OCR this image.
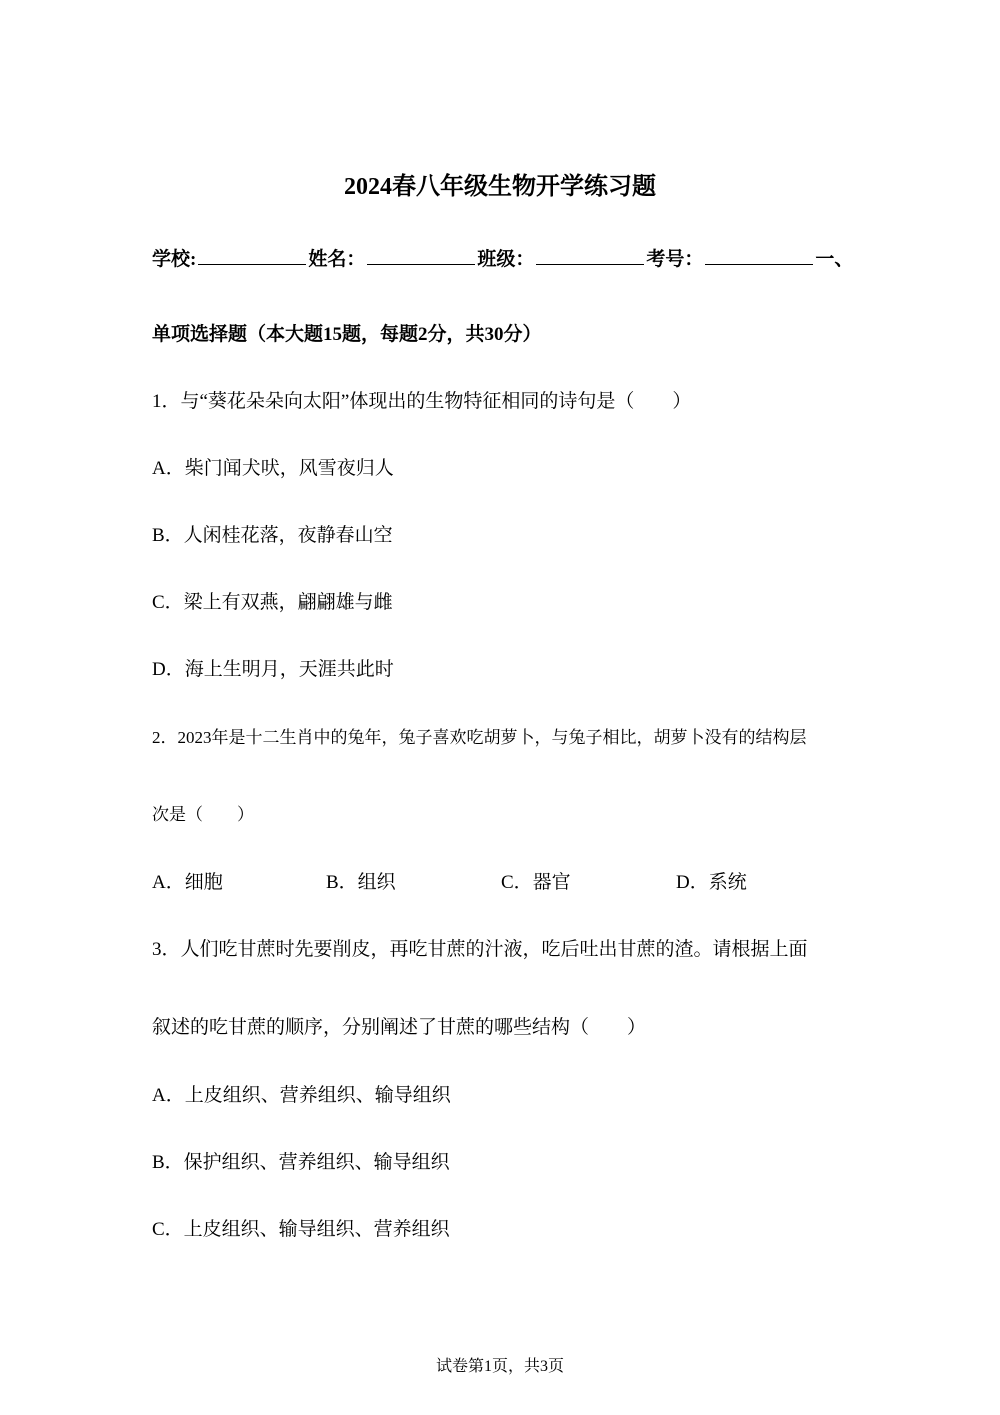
2024春八年级生物开学练习题
学校:	姓名：	班级：	考号：	一、
单项选择题（本大题15题，每题2分，共30分）
1．与“葵花朵朵向太阳”体现出的生物特征相同的诗句是（　　）
A．柴门闻犬吠，风雪夜归人
B．人闲桂花落，夜静春山空
C．梁上有双燕，翩翩雄与雌
D．海上生明月，天涯共此时
2．2023年是十二生肖中的兔年，兔子喜欢吃胡萝卜，与兔子相比，胡萝卜没有的结构层
次是（　　）
A．细胞	B．组织	C．器官	D．系统
3．人们吃甘蔗时先要削皮，再吃甘蔗的汁液，吃后吐出甘蔗的渣。请根据上面
叙述的吃甘蔗的顺序，分别阐述了甘蔗的哪些结构（　　）
A．上皮组织、营养组织、输导组织
B．保护组织、营养组织、输导组织
C．上皮组织、输导组织、营养组织
试卷第1页，共3页
